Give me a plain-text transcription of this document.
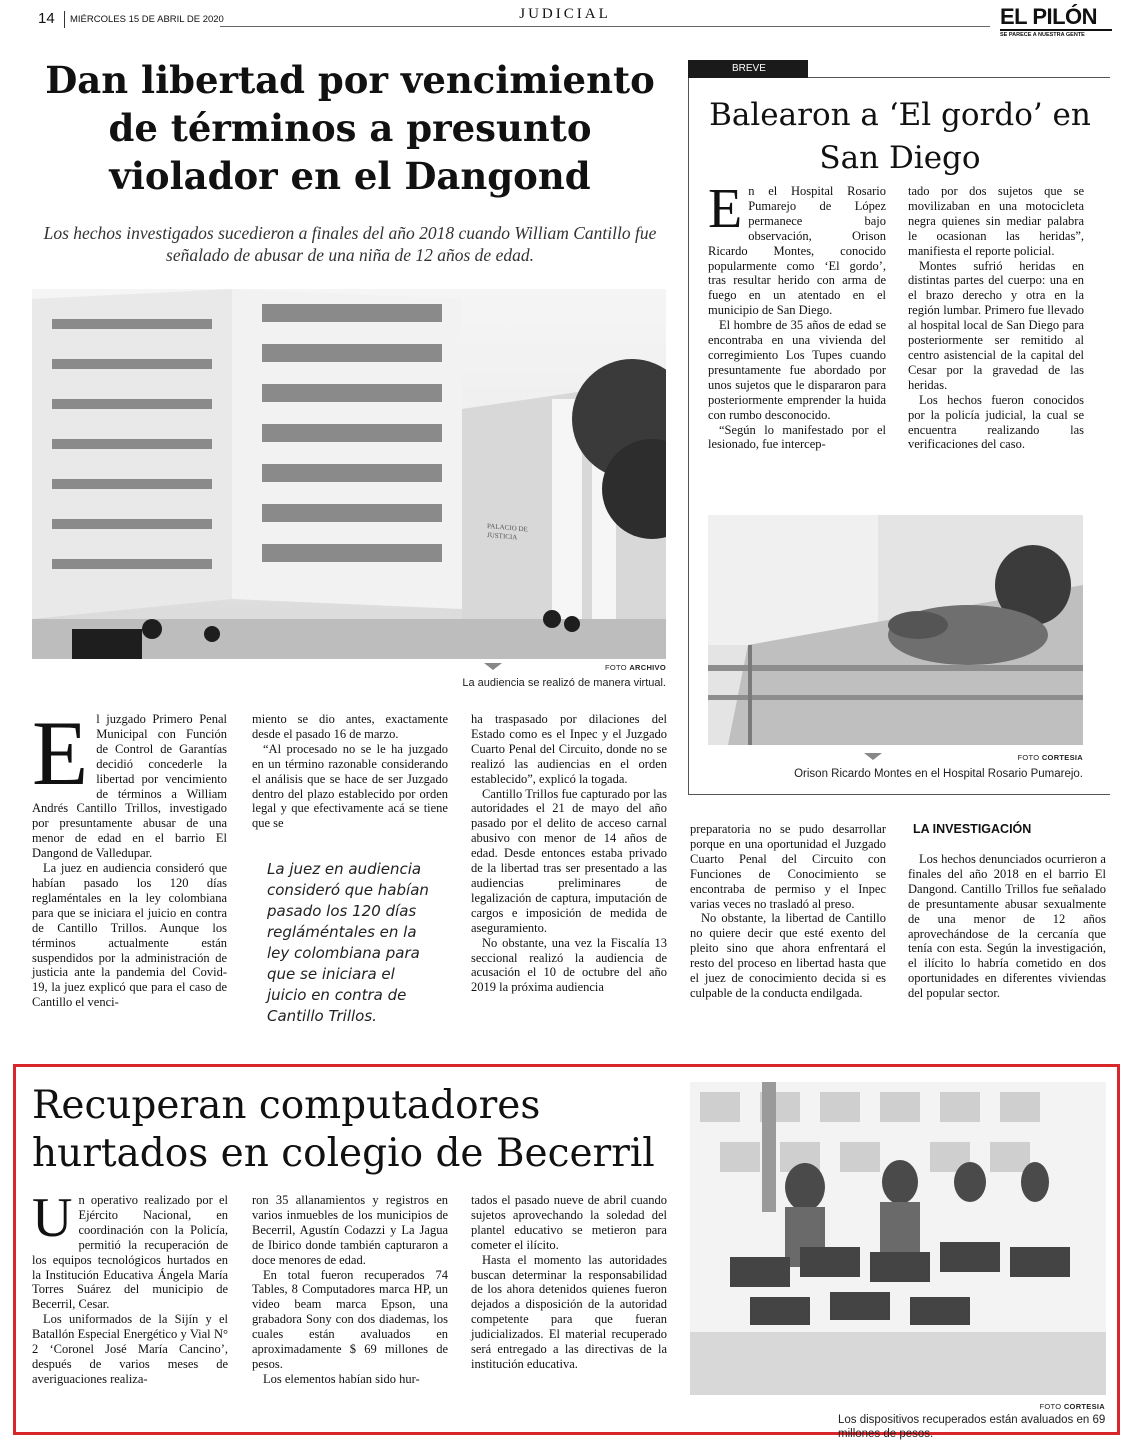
14 MIÉRCOLES 15 DE ABRIL DE 2020	JUDICIAL	EL PILÓN
SE PARECE A NUESTRA GENTE
Dan libertad por vencimiento de términos a presunto violador en el Dangond
Los hechos investigados sucedieron a finales del año 2018 cuando William Cantillo fue señalado de abusar de una niña de 12 años de edad.
PALACIO DE JUSTICIA
FOTO ARCHIVO
La audiencia se realizó de manera virtual.
E l juzgado Primero Penal Municipal con Función de Control de Garantías decidió concederle la libertad por vencimiento de términos a William Andrés Cantillo Trillos, investigado por presuntamente abusar de una menor de edad en el barrio El Dangond de Valledupar.

La juez en audiencia consideró que habían pasado los 120 días reglaméntales en la ley colombiana para que se iniciara el juicio en contra de Cantillo Trillos. Aunque los términos actualmente están suspendidos por la administración de justicia ante la pandemia del Covid-19, la juez explicó que para el caso de Cantillo el venci-

miento se dio antes, exactamente desde el pasado 16 de marzo.

“Al procesado no se le ha juzgado en un término razonable considerando el análisis que se hace de ser Juzgado dentro del plazo establecido por orden legal y que efectivamente acá se tiene que se

La juez en audiencia consideró que habían pasado los 120 días regláméntales en la ley colombiana para que se iniciara el juicio en contra de Cantillo Trillos.

ha traspasado por dilaciones del Estado como es el Inpec y el Juzgado Cuarto Penal del Circuito, donde no se realizó las audiencias en el orden establecido”, explicó la togada.

Cantillo Trillos fue capturado por las autoridades el 21 de mayo del año pasado por el delito de acceso carnal abusivo con menor de 14 años de edad. Desde entonces estaba privado de la libertad tras ser presentado a las audiencias preliminares de legalización de captura, imputación de cargos e imposición de medida de aseguramiento.

No obstante, una vez la Fiscalía 13 seccional realizó la audiencia de acusación el 10 de octubre del año 2019 la próxima audiencia

preparatoria no se pudo desarrollar porque en una oportunidad el Juzgado Cuarto Penal del Circuito con Funciones de Conocimiento se encontraba de permiso y el Inpec varias veces no trasladó al preso.

No obstante, la libertad de Cantillo no quiere decir que esté exento del pleito sino que ahora enfrentará el resto del proceso en libertad hasta que el juez de conocimiento decida si es culpable de la conducta endilgada.

LA INVESTIGACIÓN

Los hechos denunciados ocurrieron a finales del año 2018 en el barrio El Dangond. Cantillo Trillos fue señalado de presuntamente abusar sexualmente de una menor de 12 años aprovechándose de la cercanía que tenía con esta. Según la investigación, el ilícito lo habría cometido en dos oportunidades en diferentes viviendas del popular sector.

BREVE
Balearon a ‘El gordo’ en San Diego
E n el Hospital Rosario Pumarejo de López permanece bajo observación, Orison Ricardo Montes, conocido popularmente como ‘El gordo’, tras resultar herido con arma de fuego en un atentado en el municipio de San Diego.

El hombre de 35 años de edad se encontraba en una vivienda del corregimiento Los Tupes cuando presuntamente fue abordado por unos sujetos que le dispararon para posteriormente emprender la huida con rumbo desconocido.

“Según lo manifestado por el lesionado, fue intercep-

tado por dos sujetos que se movilizaban en una motocicleta negra quienes sin mediar palabra le ocasionan las heridas”, manifiesta el reporte policial.

Montes sufrió heridas en distintas partes del cuerpo: una en el brazo derecho y otra en la región lumbar. Primero fue llevado al hospital local de San Diego para posteriormente ser remitido al centro asistencial de la capital del Cesar por la gravedad de las heridas.

Los hechos fueron conocidos por la policía judicial, la cual se encuentra realizando las verificaciones del caso.

FOTO CORTESIA
Orison Ricardo Montes en el Hospital Rosario Pumarejo.
Recuperan computadores hurtados en colegio de Becerril
U n operativo realizado por el Ejército Nacional, en coordinación con la Policía, permitió la recuperación de los equipos tecnológicos hurtados en la Institución Educativa Ángela María Torres Suárez del municipio de Becerril, Cesar.

Los uniformados de la Sijín y el Batallón Especial Energético y Vial N° 2 ‘Coronel José María Cancino’, después de varios meses de averiguaciones realiza-

ron 35 allanamientos y registros en varios inmuebles de los municipios de Becerril, Agustín Codazzi y La Jagua de Ibirico donde también capturaron a doce menores de edad.

En total fueron recuperados 74 Tables, 8 Computadores marca HP, un video beam marca Epson, una grabadora Sony con dos diademas, los cuales están avaluados en aproximadamente $ 69 millones de pesos.

Los elementos habían sido hur-

tados el pasado nueve de abril cuando sujetos aprovechando la soledad del plantel educativo se metieron para cometer el ilícito.

Hasta el momento las autoridades buscan determinar la responsabilidad de los ahora detenidos quienes fueron dejados a disposición de la autoridad competente para que fueran judicializados. El material recuperado será entregado a las directivas de la institución educativa.

FOTO CORTESIA
Los dispositivos recuperados están avaluados en 69 millones de pesos.
